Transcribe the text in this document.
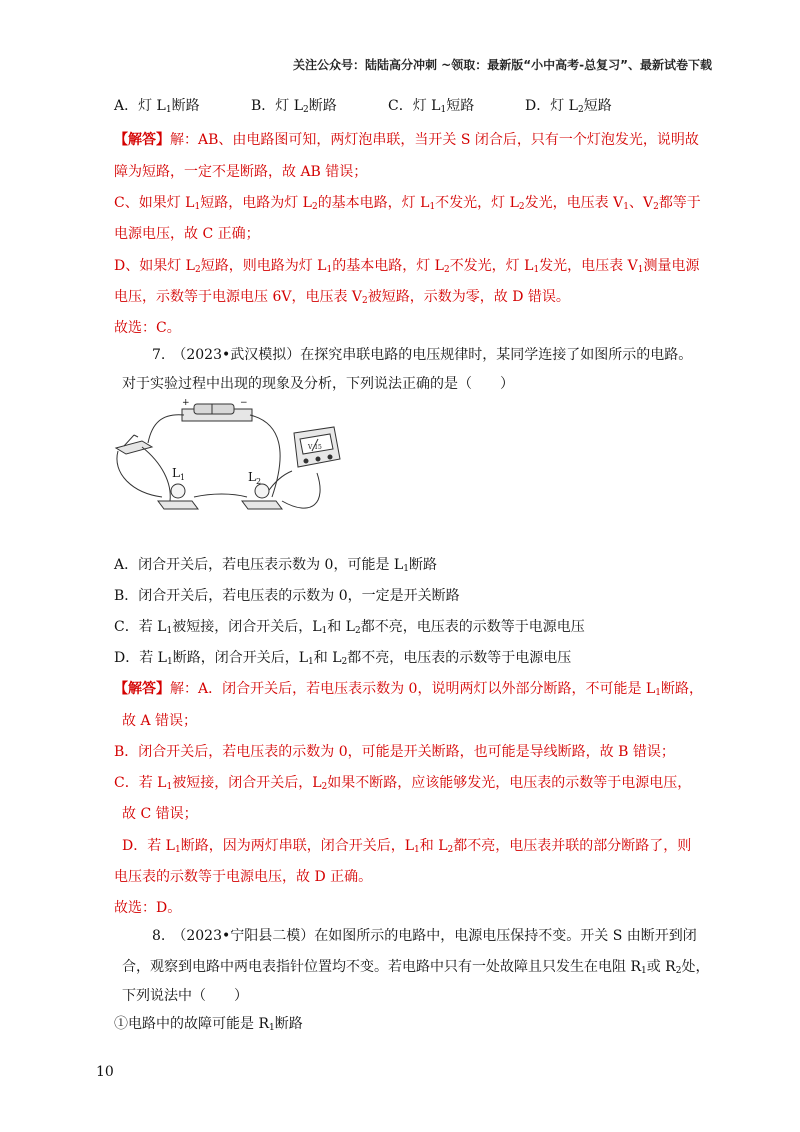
关注公众号：陆陆高分冲刺 ~领取：最新版“小中高考-总复习”、最新试卷下载
A．灯 $L_1$断路	B．灯 $L_2$断路	C．灯 $L_1$短路	D．灯 $L_2$短路
【解答】解：AB、由电路图可知，两灯泡串联，当开关 S 闭合后，只有一个灯泡发光，说明故
障为短路，一定不是断路，故 AB 错误；
C、如果灯 $L_1$短路，电路为灯 $L_2$的基本电路，灯 $L_1$不发光，灯 $L_2$发光，电压表 $V_1$、$V_2$都等于
电源电压，故 C 正确；
D、如果灯 $L_2$短路，则电路为灯 $L_1$的基本电路，灯 $L_2$不发光，灯 $L_1$发光，电压表 $V_1$测量电源
电压，示数等于电源电压 6V，电压表 $V_2$被短路，示数为零，故 D 错误。
故选：C。
7.　（2023•武汉模拟）在探究串联电路的电压规律时，某同学连接了如图所示的电路。
对于实验过程中出现的现象及分析，下列说法正确的是（　　）
+	−
$L_1$	$L_2$
V 15
A．闭合开关后，若电压表示数为 0，可能是 $L_1$断路
B．闭合开关后，若电压表的示数为 0，一定是开关断路
C．若 $L_1$被短接，闭合开关后，$L_1$和 $L_2$都不亮，电压表的示数等于电源电压
D．若 $L_1$断路，闭合开关后，$L_1$和 $L_2$都不亮，电压表的示数等于电源电压
【解答】解：A．闭合开关后，若电压表示数为 0，说明两灯以外部分断路，不可能是 $L_1$断路，
故 A 错误；
B．闭合开关后，若电压表的示数为 0，可能是开关断路，也可能是导线断路，故 B 错误；
C．若 $L_1$被短接，闭合开关后，$L_2$如果不断路，应该能够发光，电压表的示数等于电源电压，
故 C 错误；
D．若 $L_1$断路，因为两灯串联，闭合开关后，$L_1$和 $L_2$都不亮，电压表并联的部分断路了，则
电压表的示数等于电源电压，故 D 正确。
故选：D。
8.　（2023•宁阳县二模）在如图所示的电路中，电源电压保持不变。开关 S 由断开到闭
合，观察到电路中两电表指针位置均不变。若电路中只有一处故障且只发生在电阻 $R_1$或 $R_2$处，
下列说法中（　　）
①电路中的故障可能是 $R_1$断路
10
